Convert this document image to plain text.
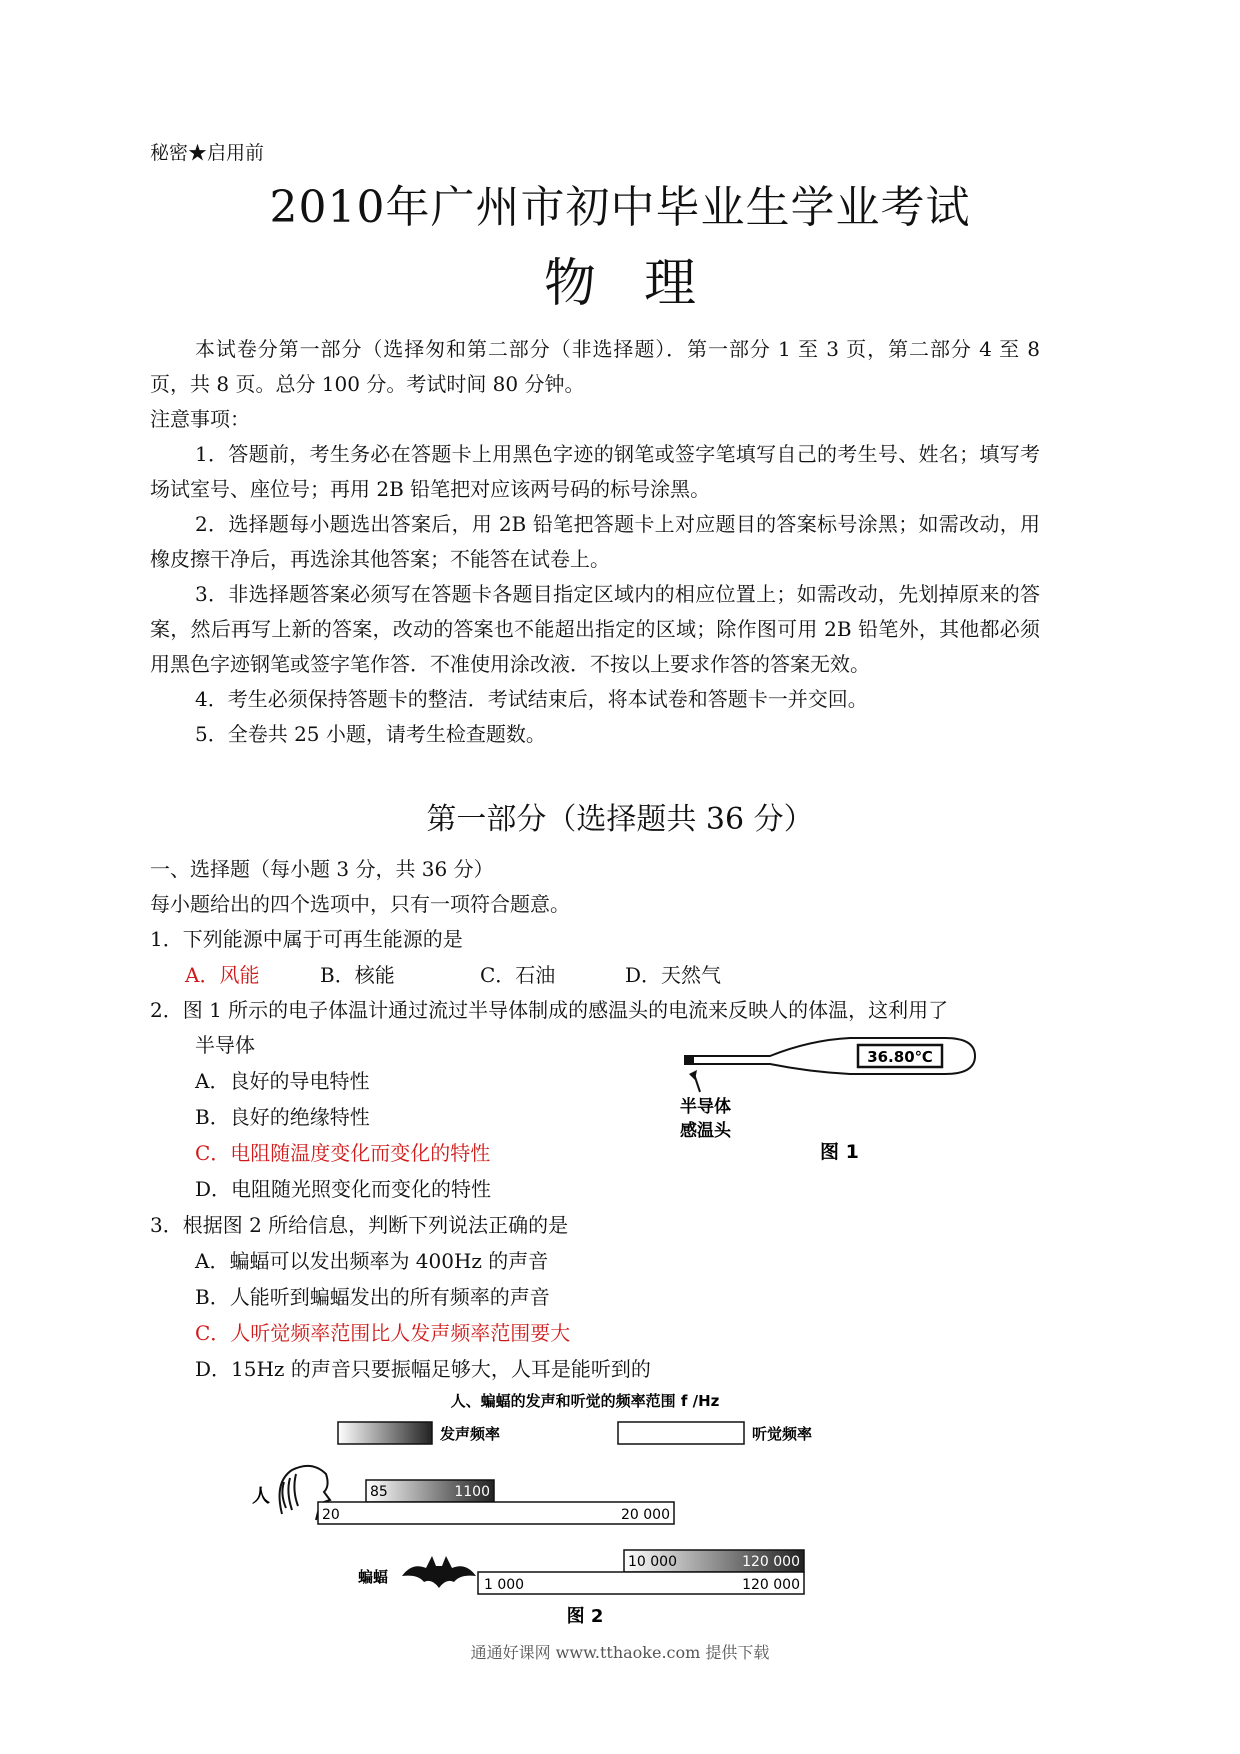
秘密★启用前
2010年广州市初中毕业生学业考试
物理

本试卷分第一部分（选择匆和第二部分（非选择题）．第一部分 1 至 3 页，第二部分 4 至 8 页，共 8 页。总分 100 分。考试时间 80 分钟。

注意事项：

1．答题前，考生务必在答题卡上用黑色字迹的钢笔或签字笔填写自己的考生号、姓名；填写考场试室号、座位号；再用 2B 铅笔把对应该两号码的标号涂黑。

2．选择题每小题选出答案后，用 2B 铅笔把答题卡上对应题目的答案标号涂黑；如需改动，用橡皮擦干净后，再选涂其他答案；不能答在试卷上。

3．非选择题答案必须写在答题卡各题目指定区域内的相应位置上；如需改动，先划掉原来的答案，然后再写上新的答案，改动的答案也不能超出指定的区域；除作图可用 2B 铅笔外，其他都必须用黑色字迹钢笔或签字笔作答．不准使用涂改液．不按以上要求作答的答案无效。

4．考生必须保持答题卡的整洁．考试结束后，将本试卷和答题卡一并交回。

5．全卷共 25 小题，请考生检查题数。

第一部分（选择题共 36 分）
一、选择题（每小题 3 分，共 36 分）
每小题给出的四个选项中，只有一项符合题意。
1．下列能源中属于可再生能源的是
A．风能	B．核能	C．石油	D．天然气
2．图 1 所示的电子体温计通过流过半导体制成的感温头的电流来反映人的体温，这利用了
半导体
A．良好的导电特性
B．良好的绝缘特性
C．电阻随温度变化而变化的特性
D．电阻随光照变化而变化的特性
36.80℃
半导体
感温头
图 1
3．根据图 2 所给信息，判断下列说法正确的是
A．蝙蝠可以发出频率为 400Hz 的声音
B．人能听到蝙蝠发出的所有频率的声音
C．人听觉频率范围比人发声频率范围要大
D．15Hz 的声音只要振幅足够大，人耳是能听到的
人、蝙蝠的发声和听觉的频率范围 f /Hz
发声频率	听觉频率
人	85	1100
20	20 000
蝙蝠
10 000	120 000
1 000	120 000
图 2
通通好课网 www.tthaoke.com 提供下载
